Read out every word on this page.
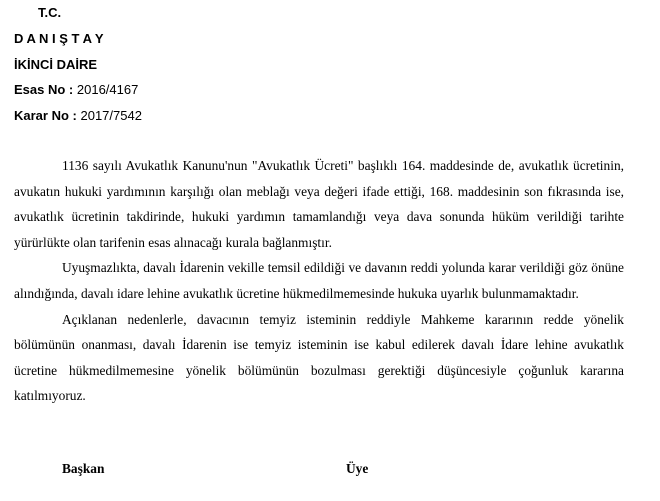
T.C.
D A N I Ş T A Y
İKİNCİ DAİRE
Esas No : 2016/4167
Karar No : 2017/7542

1136 sayılı Avukatlık Kanunu'nun "Avukatlık Ücreti" başlıklı 164. maddesinde de, avukatlık ücretinin, avukatın hukuki yardımının karşılığı olan meblağı veya değeri ifade ettiği, 168. maddesinin son fıkrasında ise, avukatlık ücretinin takdirinde, hukuki yardımın tamamlandığı veya dava sonunda hüküm verildiği tarihte yürürlükte olan tarifenin esas alınacağı kurala bağlanmıştır.

Uyuşmazlıkta, davalı İdarenin vekille temsil edildiği ve davanın reddi yolunda karar verildiği göz önüne alındığında, davalı idare lehine avukatlık ücretine hükmedilmemesinde hukuka uyarlık bulunmamaktadır.

Açıklanan nedenlerle, davacının temyiz isteminin reddiyle Mahkeme kararının redde yönelik bölümünün onanması, davalı İdarenin ise temyiz isteminin ise kabul edilerek davalı İdare lehine avukatlık ücretine hükmedilmemesine yönelik bölümünün bozulması gerektiği düşüncesiyle çoğunluk kararına katılmıyoruz.

Başkan	Üye
